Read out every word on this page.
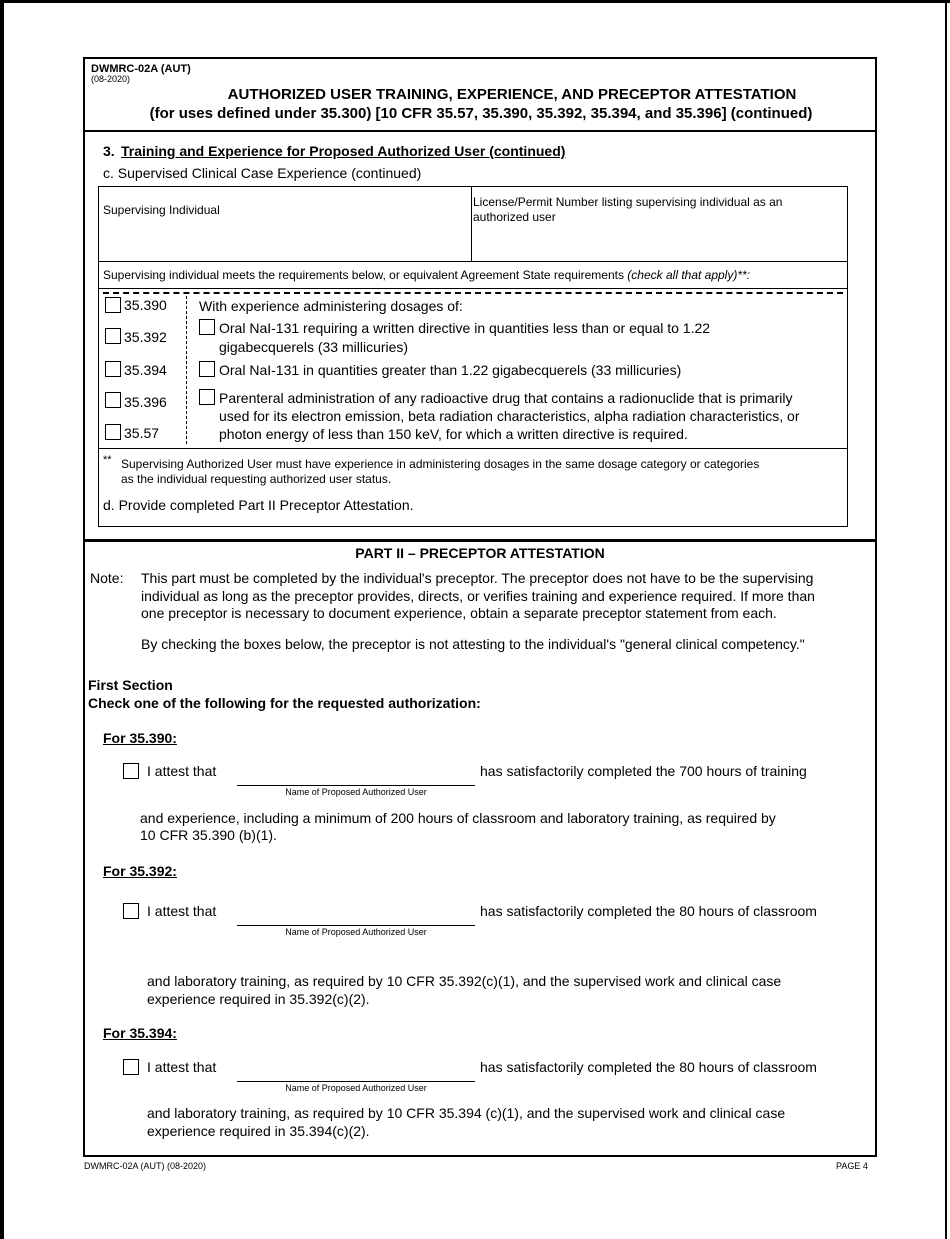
DWMRC-02A (AUT)
(08-2020)
AUTHORIZED USER TRAINING, EXPERIENCE, AND PRECEPTOR ATTESTATION
(for uses defined under 35.300) [10 CFR 35.57, 35.390, 35.392, 35.394, and 35.396] (continued)
3. Training and Experience for Proposed Authorized User (continued)
c. Supervised Clinical Case Experience (continued)
Supervising Individual
License/Permit Number listing supervising individual as an
authorized user
Supervising individual meets the requirements below, or equivalent Agreement State requirements (check all that apply)**:
35.390
35.392
35.394
35.396
35.57
With experience administering dosages of:
Oral NaI-131 requiring a written directive in quantities less than or equal to 1.22
gigabecquerels (33 millicuries)
Oral NaI-131 in quantities greater than 1.22 gigabecquerels (33 millicuries)
Parenteral administration of any radioactive drug that contains a radionuclide that is primarily
used for its electron emission, beta radiation characteristics, alpha radiation characteristics, or
photon energy of less than 150 keV, for which a written directive is required.
** Supervising Authorized User must have experience in administering dosages in the same dosage category or categories
as the individual requesting authorized user status.
d. Provide completed Part II Preceptor Attestation.
PART II – PRECEPTOR ATTESTATION
Note: This part must be completed by the individual's preceptor. The preceptor does not have to be the supervising
individual as long as the preceptor provides, directs, or verifies training and experience required. If more than
one preceptor is necessary to document experience, obtain a separate preceptor statement from each.
By checking the boxes below, the preceptor is not attesting to the individual's "general clinical competency."
First Section
Check one of the following for the requested authorization:
For 35.390:
I attest that
Name of Proposed Authorized User
has satisfactorily completed the 700 hours of training
and experience, including a minimum of 200 hours of classroom and laboratory training, as required by
10 CFR 35.390 (b)(1).
For 35.392:
I attest that
Name of Proposed Authorized User
has satisfactorily completed the 80 hours of classroom
and laboratory training, as required by 10 CFR 35.392(c)(1), and the supervised work and clinical case
experience required in 35.392(c)(2).
For 35.394:
I attest that
Name of Proposed Authorized User
has satisfactorily completed the 80 hours of classroom
and laboratory training, as required by 10 CFR 35.394 (c)(1), and the supervised work and clinical case
experience required in 35.394(c)(2).
DWMRC-02A (AUT) (08-2020)	PAGE 4
